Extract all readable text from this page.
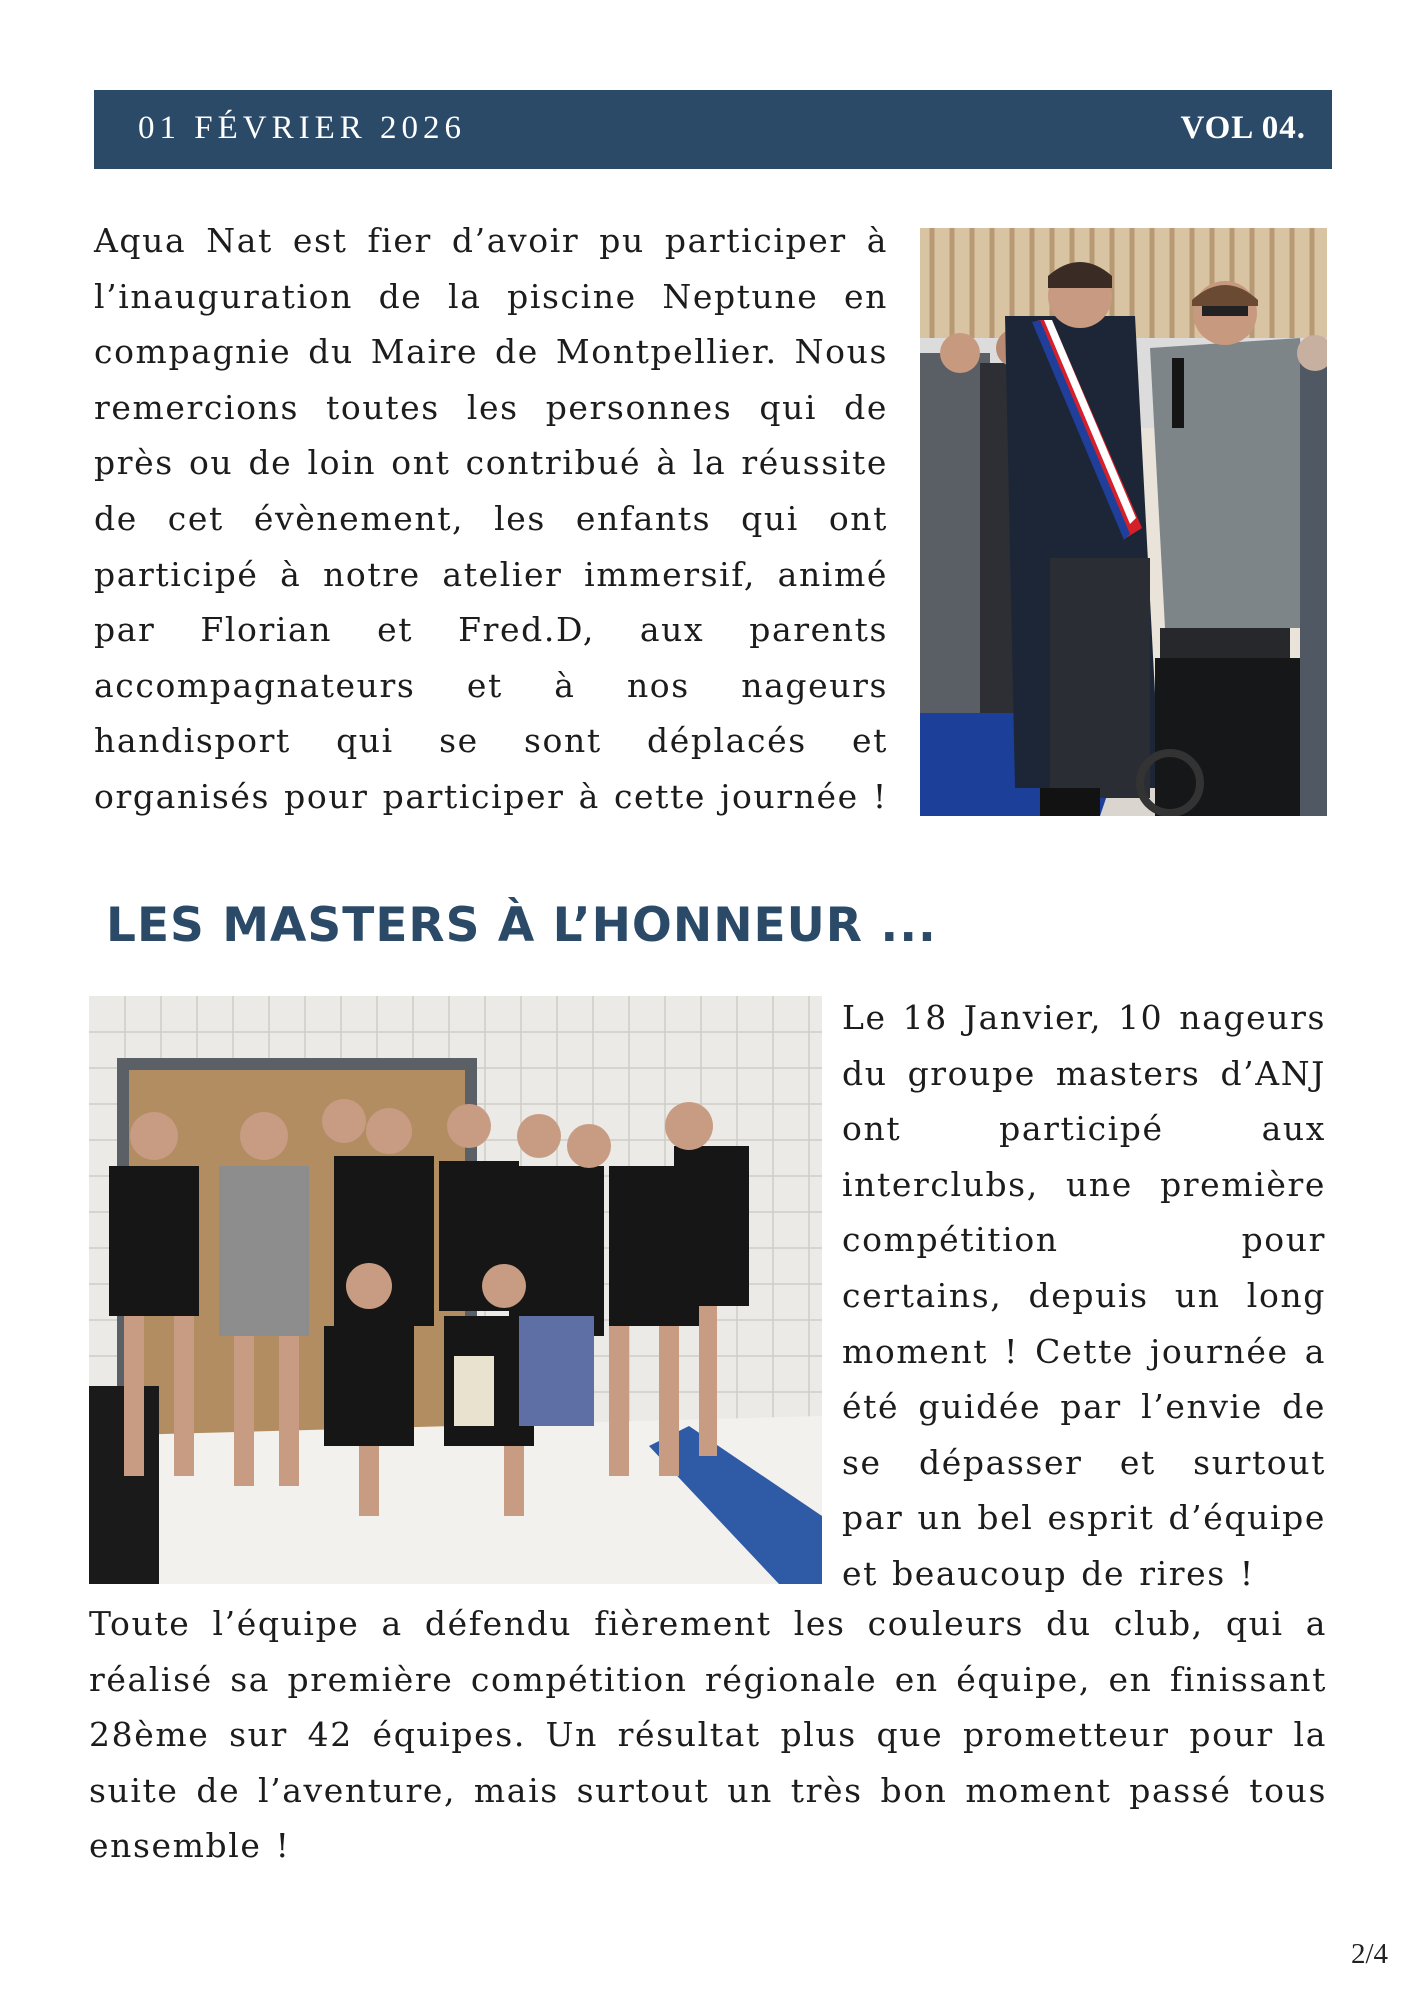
01 FÉVRIER 2026	VOL 04.

Aqua Nat est fier d’avoir pu participer à l’inauguration de la piscine Neptune en compagnie du Maire de Montpellier. Nous remercions toutes les personnes qui de près ou de loin ont contribué à la réussite de cet évènement, les enfants qui ont participé à notre atelier immersif, animé par Florian et Fred.D, aux parents accompagnateurs et à nos nageurs handisport qui se sont déplacés et organisés pour participer à cette journée !

LES MASTERS À L’HONNEUR ...

Le 18 Janvier, 10 nageurs du groupe masters d’ANJ ont participé aux interclubs, une première compétition pour certains, depuis un long moment ! Cette journée a été guidée par l’envie de se dépasser et surtout par un bel esprit d’équipe et beaucoup de rires !

Toute l’équipe a défendu fièrement les couleurs du club, qui a réalisé sa première compétition régionale en équipe, en finissant 28ème sur 42 équipes. Un résultat plus que prometteur pour la suite de l’aventure, mais surtout un très bon moment passé tous ensemble !

2/4
